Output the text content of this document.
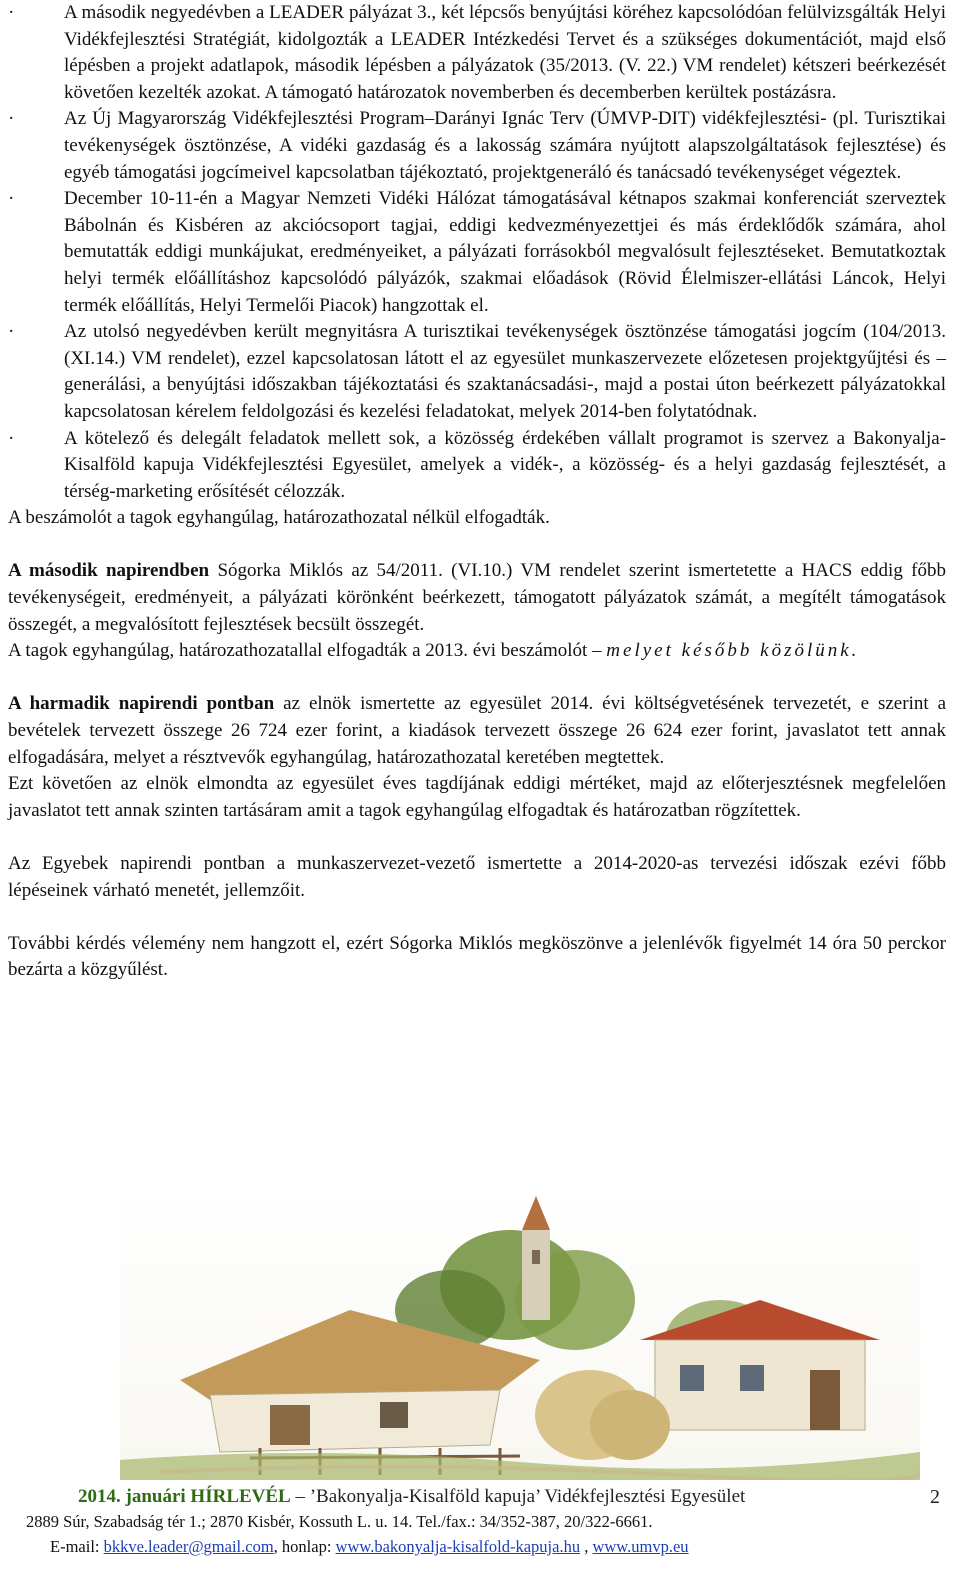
·	A második negyedévben a LEADER pályázat 3., két lépcsős benyújtási köréhez kapcsolódóan felülvizsgálták Helyi Vidékfejlesztési Stratégiát, kidolgozták a LEADER Intézkedési Tervet és a szükséges dokumentációt, majd első lépésben a projekt adatlapok, második lépésben a pályázatok (35/2013. (V. 22.) VM rendelet) kétszeri beérkezését követően kezelték azokat. A támogató határozatok novemberben és decemberben kerültek postázásra.
·	Az Új Magyarország Vidékfejlesztési Program–Darányi Ignác Terv (ÚMVP-DIT) vidékfejlesztési- (pl. Turisztikai tevékenységek ösztönzése, A vidéki gazdaság és a lakosság számára nyújtott alapszolgáltatások fejlesztése) és egyéb támogatási jogcímeivel kapcsolatban tájékoztató, projektgeneráló és tanácsadó tevékenységet végeztek.
·	December 10-11-én a Magyar Nemzeti Vidéki Hálózat támogatásával kétnapos szakmai konferenciát szerveztek Bábolnán és Kisbéren az akciócsoport tagjai, eddigi kedvezményezettjei és más érdeklődők számára, ahol bemutatták eddigi munkájukat, eredményeiket, a pályázati forrásokból megvalósult fejlesztéseket. Bemutatkoztak helyi termék előállításhoz kapcsolódó pályázók, szakmai előadások (Rövid Élelmiszer-ellátási Láncok, Helyi termék előállítás, Helyi Termelői Piacok) hangzottak el.
·	Az utolsó negyedévben került megnyitásra A turisztikai tevékenységek ösztönzése támogatási jogcím (104/2013. (XI.14.) VM rendelet), ezzel kapcsolatosan látott el az egyesület munkaszervezete előzetesen projektgyűjtési és –generálási, a benyújtási időszakban tájékoztatási és szaktanácsadási-, majd a postai úton beérkezett pályázatokkal kapcsolatosan kérelem feldolgozási és kezelési feladatokat, melyek 2014-ben folytatódnak.
·	A kötelező és delegált feladatok mellett sok, a közösség érdekében vállalt programot is szervez a Bakonyalja-Kisalföld kapuja Vidékfejlesztési Egyesület, amelyek a vidék-, a közösség- és a helyi gazdaság fejlesztését, a térség-marketing erősítését célozzák.

A beszámolót a tagok egyhangúlag, határozathozatal nélkül elfogadták.

A második napirendben Sógorka Miklós az 54/2011. (VI.10.) VM rendelet szerint ismertetette a HACS eddig főbb tevékenységeit, eredményeit, a pályázati körönként beérkezett, támogatott pályázatok számát, a megítélt támogatások összegét, a megvalósított fejlesztések becsült összegét.

A tagok egyhangúlag, határozathozatallal elfogadták a 2013. évi beszámolót – melyet később közölünk.

A harmadik napirendi pontban az elnök ismertette az egyesület 2014. évi költségvetésének tervezetét, e szerint a bevételek tervezett összege 26 724 ezer forint, a kiadások tervezett összege 26 624 ezer forint, javaslatot tett annak elfogadására, melyet a résztvevők egyhangúlag, határozathozatal keretében megtettek.

Ezt követően az elnök elmondta az egyesület éves tagdíjának eddigi mértéket, majd az előterjesztésnek megfelelően javaslatot tett annak szinten tartásáram amit a tagok egyhangúlag elfogadtak és határozatban rögzítettek.

Az Egyebek napirendi pontban a munkaszervezet-vezető ismertette a 2014-2020-as tervezési időszak ezévi főbb lépéseinek várható menetét, jellemzőit.

További kérdés vélemény nem hangzott el, ezért Sógorka Miklós megköszönve a jelenlévők figyelmét 14 óra 50 perckor bezárta a közgyűlést.

2014. januári HÍRLEVÉL – ’Bakonyalja-Kisalföld kapuja’ Vidékfejlesztési Egyesület	2
2889 Súr, Szabadság tér 1.; 2870 Kisbér, Kossuth L. u. 14. Tel./fax.: 34/352-387, 20/322-6661.
E-mail: bkkve.leader@gmail.com, honlap: www.bakonyalja-kisalfold-kapuja.hu , www.umvp.eu
